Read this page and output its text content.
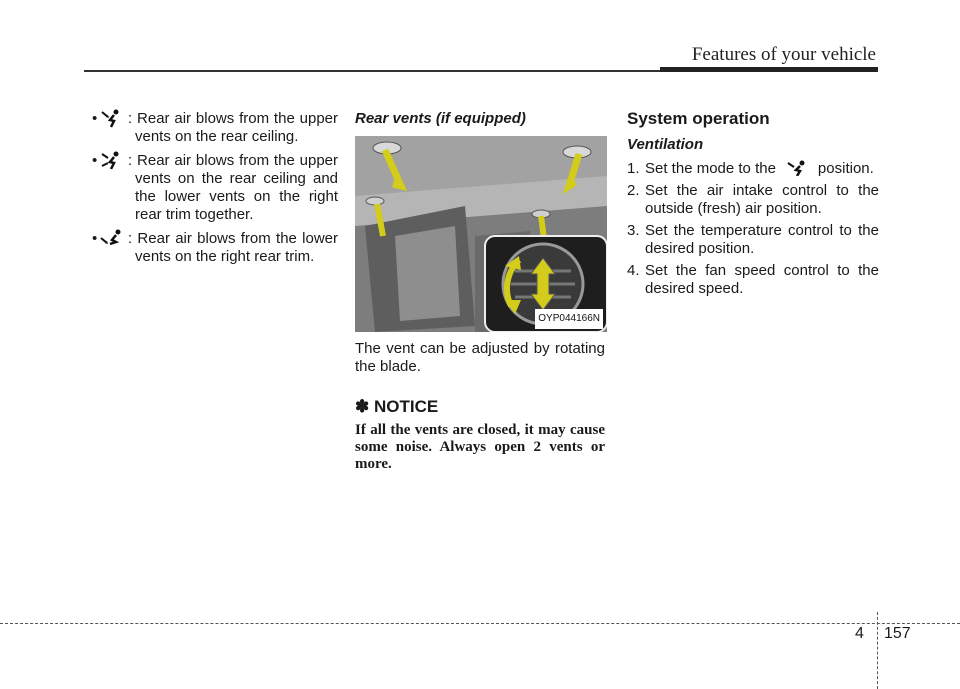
Features of your vehicle
• : Rear air blows from the upper vents on the rear ceiling.
• : Rear air blows from the upper vents on the rear ceiling and the lower vents on the right rear trim together.
• : Rear air blows from the lower vents on the right rear trim.
Rear vents (if equipped)
OYP044166N
The vent can be adjusted by rotating the blade.
✽ NOTICE
If all the vents are closed, it may cause some noise. Always open 2 vents or more.
System operation
Ventilation
1. Set the mode to the	position.
2. Set the air intake control to the outside (fresh) air position.
3. Set the temperature control to the desired position.
4. Set the fan speed control to the desired speed.
4 157
